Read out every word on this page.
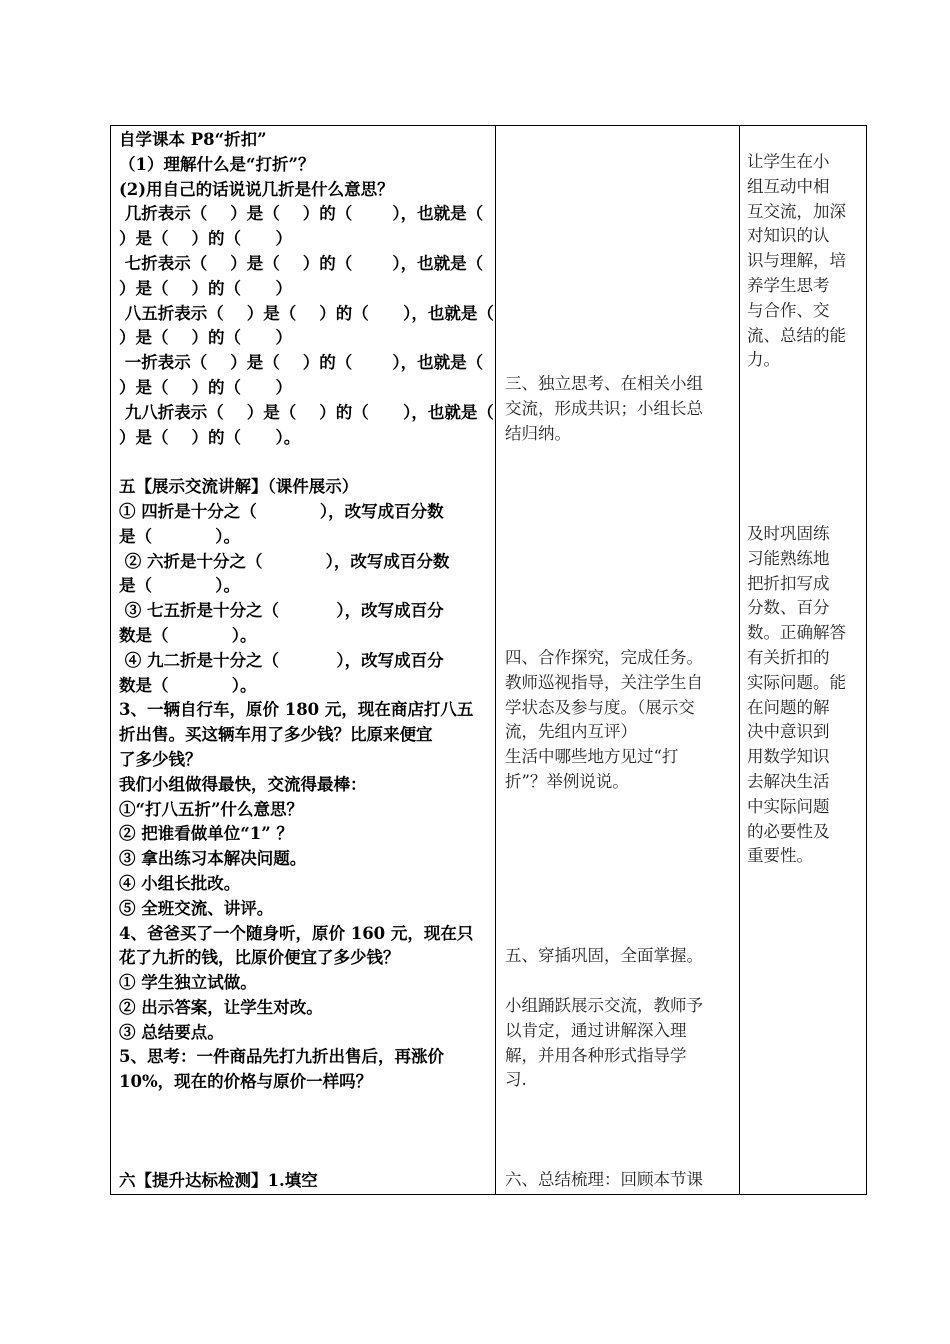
自学课本 P8“折扣”
（1）理解什么是“打折”？
(2)用自己的话说说几折是什么意思？
几折表示（    ）是（    ）的（       ），也就是（
）是（    ）的（      ）
七折表示（    ）是（    ）的（       ），也就是（
）是（    ）的（      ）
八五折表示（    ）是（    ）的（      ），也就是（
）是（    ）的（      ）
一折表示（    ）是（    ）的（       ），也就是（
）是（    ）的（      ）
九八折表示（    ）是（    ）的（      ），也就是（
）是（    ）的（      ）。
五【展示交流讲解】（课件展示）
① 四折是十分之（           ），改写成百分数
是（           ）。
② 六折是十分之（           ），改写成百分数
是（           ）。
③ 七五折是十分之（          ），改写成百分
数是（           ）。
④ 九二折是十分之（          ），改写成百分
数是（           ）。
3、一辆自行车，原价 180 元，现在商店打八五
折出售。买这辆车用了多少钱？比原来便宜
了多少钱？
我们小组做得最快，交流得最棒：
①“打八五折”什么意思？
② 把谁看做单位“1” ？
③ 拿出练习本解决问题。
④ 小组长批改。
⑤ 全班交流、讲评。
4、爸爸买了一个随身听，原价 160 元，现在只
花了九折的钱，比原价便宜了多少钱？
① 学生独立试做。
② 出示答案，让学生对改。
③ 总结要点。
5、思考：一件商品先打九折出售后，再涨价
10%，现在的价格与原价一样吗？
六【提升达标检测】1.填空
三、独立思考、在相关小组
交流，形成共识；小组长总
结归纳。
四、合作探究，完成任务。
教师巡视指导，关注学生自
学状态及参与度。（展示交
流，先组内互评）
生活中哪些地方见过“打
折”？举例说说。
五、穿插巩固，全面掌握。
小组踊跃展示交流，教师予
以肯定，通过讲解深入理
解，并用各种形式指导学
习.
六、总结梳理：回顾本节课
让学生在小
组互动中相
互交流，加深
对知识的认
识与理解，培
养学生思考
与合作、交
流、总结的能
力。
及时巩固练
习能熟练地
把折扣写成
分数、百分
数。正确解答
有关折扣的
实际问题。能
在问题的解
决中意识到
用数学知识
去解决生活
中实际问题
的必要性及
重要性。
